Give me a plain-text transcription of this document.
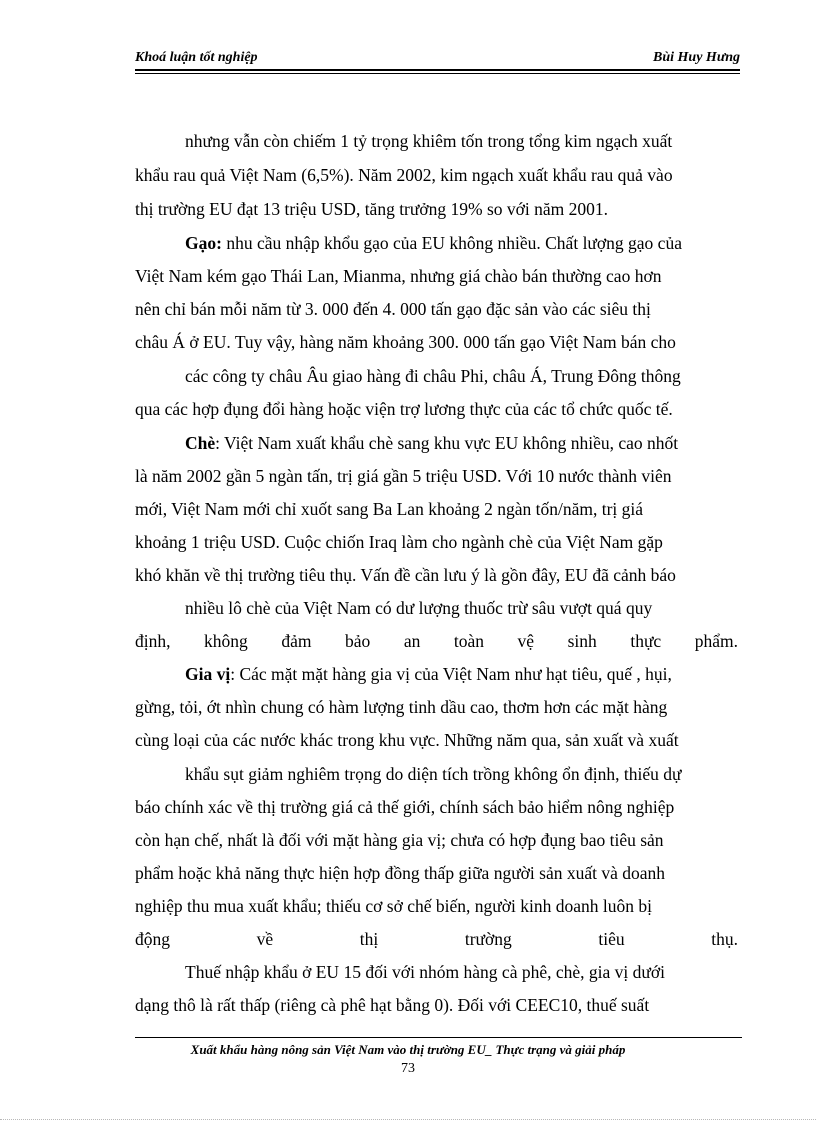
Khoá luận tốt nghiệp	Bùi Huy Hưng
nhưng vẫn còn chiếm 1 tỷ trọng khiêm tốn trong tổng kim ngạch xuất
khẩu rau quả Việt Nam (6,5%). Năm 2002, kim ngạch xuất khẩu rau quả vào
thị trường EU đạt 13 triệu USD, tăng trưởng 19% so với năm 2001.
Gạo: nhu cầu nhập khổu gạo của EU không nhiều. Chất lượng gạo của
Việt Nam kém gạo Thái Lan, Mianma, nhưng giá chào bán thường cao hơn
nên chỉ bán mỗi năm từ 3. 000 đến 4. 000 tấn gạo đặc sản vào các siêu thị
châu Á ở EU. Tuy vậy, hàng năm khoảng 300. 000 tấn gạo Việt Nam bán cho
các công ty châu Âu giao hàng đi châu Phi, châu Á, Trung Đông thông
qua các hợp đụng đổi hàng hoặc viện trợ lương thực của các tổ chức quốc tế.
Chè: Việt Nam xuất khẩu chè sang khu vực EU không nhiều, cao nhốt
là năm 2002 gần 5 ngàn tấn, trị giá gần 5 triệu USD. Với 10 nước thành viên
mới, Việt Nam mới chỉ xuốt sang Ba Lan khoảng 2 ngàn tốn/năm, trị giá
khoảng 1 triệu USD. Cuộc chiốn Iraq làm cho ngành chè của Việt Nam gặp
khó khăn về thị trường tiêu thụ. Vấn đề cần lưu ý là gồn đây, EU đã cảnh báo
nhiều lô chè của Việt Nam có dư lượng thuốc trừ sâu vượt quá quy
định, không đảm bảo an toàn vệ sinh thực phẩm.
Gia vị: Các mặt mặt hàng gia vị của Việt Nam như hạt tiêu, quế , hụi,
gừng, tỏi, ớt nhìn chung có hàm lượng tinh dầu cao, thơm hơn các mặt hàng
cùng loại của các nước khác trong khu vực. Những năm qua, sản xuất và xuất
khẩu sụt giảm nghiêm trọng do diện tích trồng không ổn định, thiếu dự
báo chính xác về thị trường giá cả thế giới, chính sách bảo hiểm nông nghiệp
còn hạn chế, nhất là đối với mặt hàng gia vị; chưa có hợp đụng bao tiêu sản
phẩm hoặc khả năng thực hiện hợp đồng thấp giữa người sản xuất và doanh
nghiệp thu mua xuất khẩu; thiếu cơ sở chế biến, người kinh doanh luôn bị
động về thị trường tiêu thụ.
Thuế nhập khẩu ở EU 15 đối với nhóm hàng cà phê, chè, gia vị dưới
dạng thô là rất thấp (riêng cà phê hạt bằng 0). Đối với CEEC10, thuế suất
Xuất khẩu hàng nông sản Việt Nam vào thị trường EU_ Thực trạng và giải pháp
73
